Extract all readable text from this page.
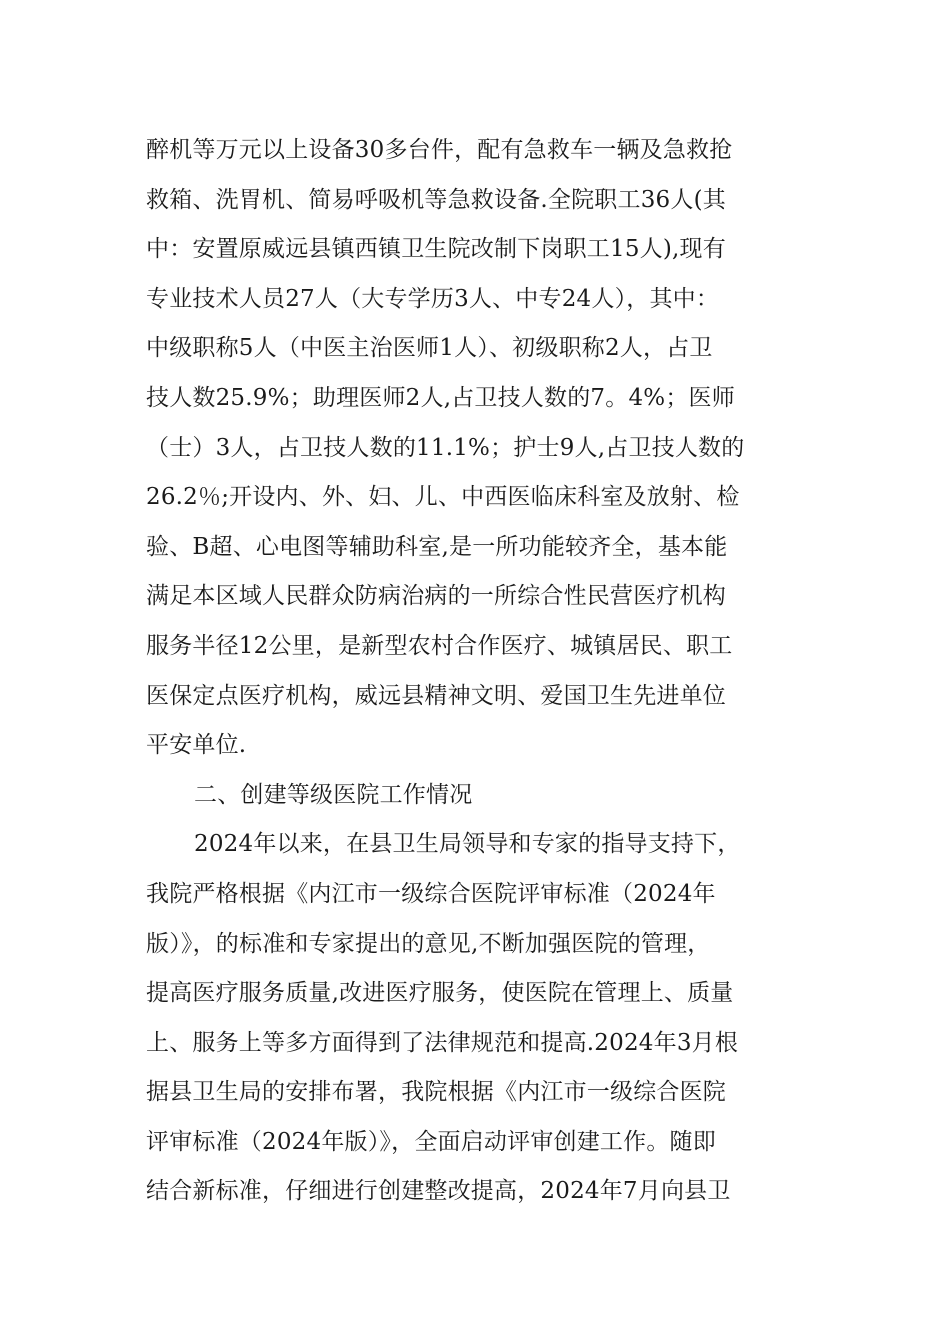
醉机等万元以上设备30多台件，配有急救车一辆及急救抢
救箱、洗胃机、简易呼吸机等急救设备.全院职工36人(其
中：安置原威远县镇西镇卫生院改制下岗职工15人),现有
专业技术人员27人（大专学历3人、中专24人），其中：
中级职称5人（中医主治医师1人）、初级职称2人，占卫
技人数25.9%；助理医师2人,占卫技人数的7。4%；医师
（士）3人，占卫技人数的11.1%；护士9人,占卫技人数的
26.2％;开设内、外、妇、儿、中西医临床科室及放射、检
验、B超、心电图等辅助科室,是一所功能较齐全，基本能
满足本区域人民群众防病治病的一所综合性民营医疗机构
服务半径12公里，是新型农村合作医疗、城镇居民、职工
医保定点医疗机构，威远县精神文明、爱国卫生先进单位
平安单位.
二、创建等级医院工作情况
2024年以来，在县卫生局领导和专家的指导支持下，
我院严格根据《内江市一级综合医院评审标准（2024年
版）》，的标准和专家提出的意见,不断加强医院的管理，
提高医疗服务质量,改进医疗服务，使医院在管理上、质量
上、服务上等多方面得到了法律规范和提高.2024年3月根
据县卫生局的安排布署，我院根据《内江市一级综合医院
评审标准（2024年版）》，全面启动评审创建工作。随即
结合新标准，仔细进行创建整改提高，2024年7月向县卫
